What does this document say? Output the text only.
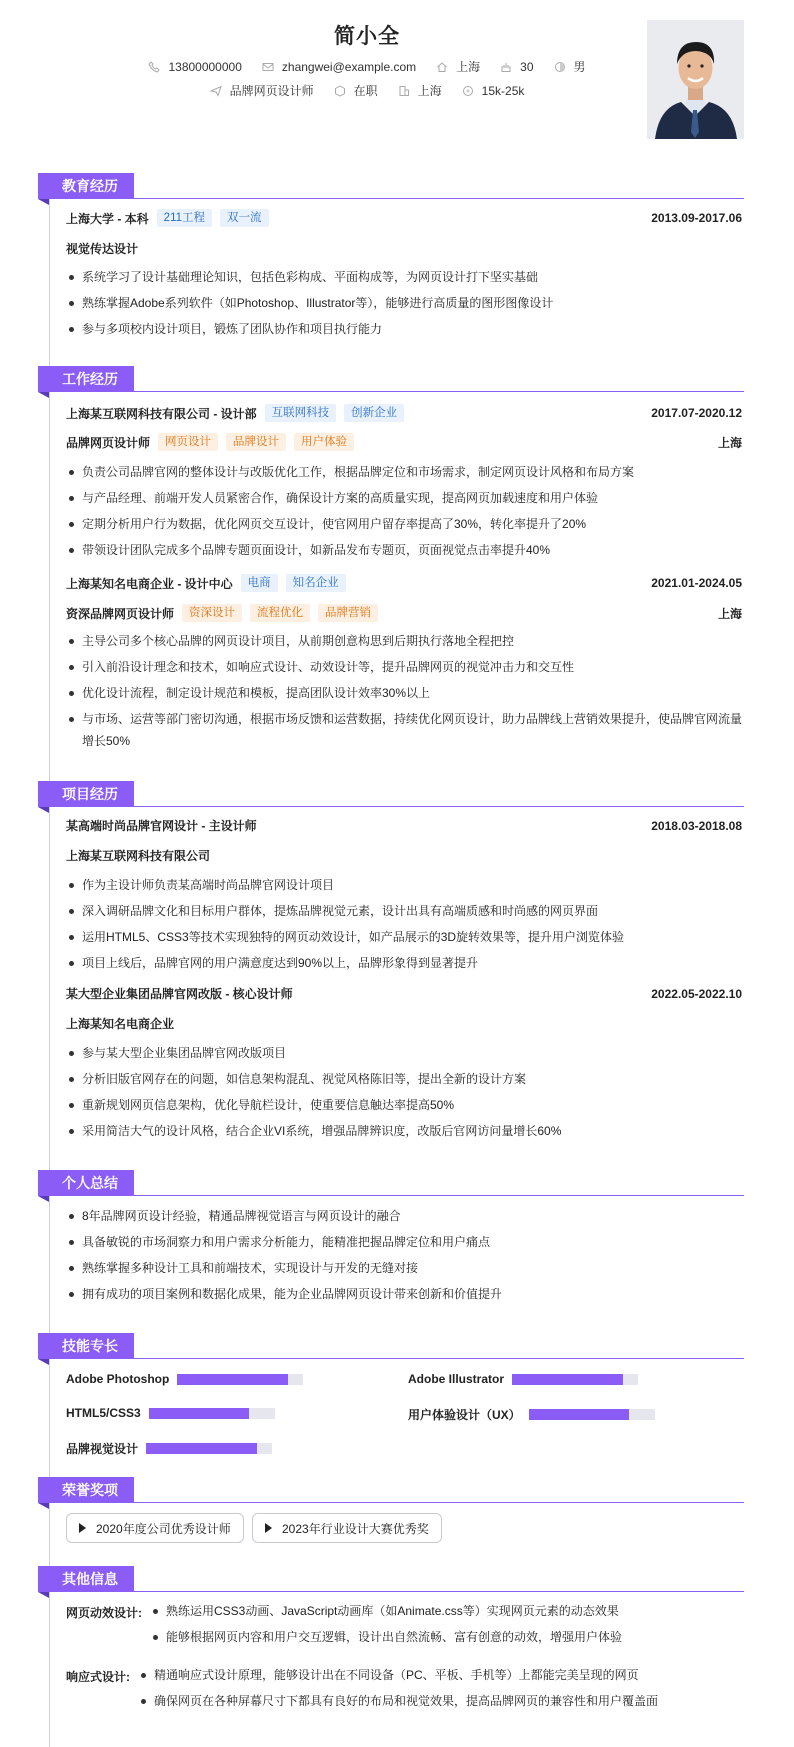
简小全
13800000000	zhangwei@example.com	上海	30	男
品牌网页设计师	在职	上海	15k-25k
教育经历
上海大学 - 本科	211工程	双一流	2013.09-2017.06
视觉传达设计
系统学习了设计基础理论知识，包括色彩构成、平面构成等，为网页设计打下坚实基础
熟练掌握Adobe系列软件（如Photoshop、Illustrator等），能够进行高质量的图形图像设计
参与多项校内设计项目，锻炼了团队协作和项目执行能力
工作经历
上海某互联网科技有限公司 - 设计部	互联网科技	创新企业	2017.07-2020.12
品牌网页设计师	网页设计	品牌设计	用户体验	上海
负责公司品牌官网的整体设计与改版优化工作，根据品牌定位和市场需求，制定网页设计风格和布局方案
与产品经理、前端开发人员紧密合作，确保设计方案的高质量实现，提高网页加载速度和用户体验
定期分析用户行为数据，优化网页交互设计，使官网用户留存率提高了30%，转化率提升了20%
带领设计团队完成多个品牌专题页面设计，如新品发布专题页，页面视觉点击率提升40%
上海某知名电商企业 - 设计中心	电商	知名企业	2021.01-2024.05
资深品牌网页设计师	资深设计	流程优化	品牌营销	上海
主导公司多个核心品牌的网页设计项目，从前期创意构思到后期执行落地全程把控
引入前沿设计理念和技术，如响应式设计、动效设计等，提升品牌网页的视觉冲击力和交互性
优化设计流程，制定设计规范和模板，提高团队设计效率30%以上
与市场、运营等部门密切沟通，根据市场反馈和运营数据，持续优化网页设计，助力品牌线上营销效果提升，使品牌官网流量增长50%
项目经历
某高端时尚品牌官网设计 - 主设计师	2018.03-2018.08
上海某互联网科技有限公司
作为主设计师负责某高端时尚品牌官网设计项目
深入调研品牌文化和目标用户群体，提炼品牌视觉元素，设计出具有高端质感和时尚感的网页界面
运用HTML5、CSS3等技术实现独特的网页动效设计，如产品展示的3D旋转效果等，提升用户浏览体验
项目上线后，品牌官网的用户满意度达到90%以上，品牌形象得到显著提升
某大型企业集团品牌官网改版 - 核心设计师	2022.05-2022.10
上海某知名电商企业
参与某大型企业集团品牌官网改版项目
分析旧版官网存在的问题，如信息架构混乱、视觉风格陈旧等，提出全新的设计方案
重新规划网页信息架构，优化导航栏设计，使重要信息触达率提高50%
采用简洁大气的设计风格，结合企业VI系统，增强品牌辨识度，改版后官网访问量增长60%
个人总结
8年品牌网页设计经验，精通品牌视觉语言与网页设计的融合
具备敏锐的市场洞察力和用户需求分析能力，能精准把握品牌定位和用户痛点
熟练掌握多种设计工具和前端技术，实现设计与开发的无缝对接
拥有成功的项目案例和数据化成果，能为企业品牌网页设计带来创新和价值提升
技能专长
Adobe Photoshop	Adobe Illustrator
HTML5/CSS3	用户体验设计（UX）
品牌视觉设计
荣誉奖项
2020年度公司优秀设计师	2023年行业设计大赛优秀奖
其他信息
网页动效设计:	熟练运用CSS3动画、JavaScript动画库（如Animate.css等）实现网页元素的动态效果
能够根据网页内容和用户交互逻辑，设计出自然流畅、富有创意的动效，增强用户体验
响应式设计:	精通响应式设计原理，能够设计出在不同设备（PC、平板、手机等）上都能完美呈现的网页
确保网页在各种屏幕尺寸下都具有良好的布局和视觉效果，提高品牌网页的兼容性和用户覆盖面
